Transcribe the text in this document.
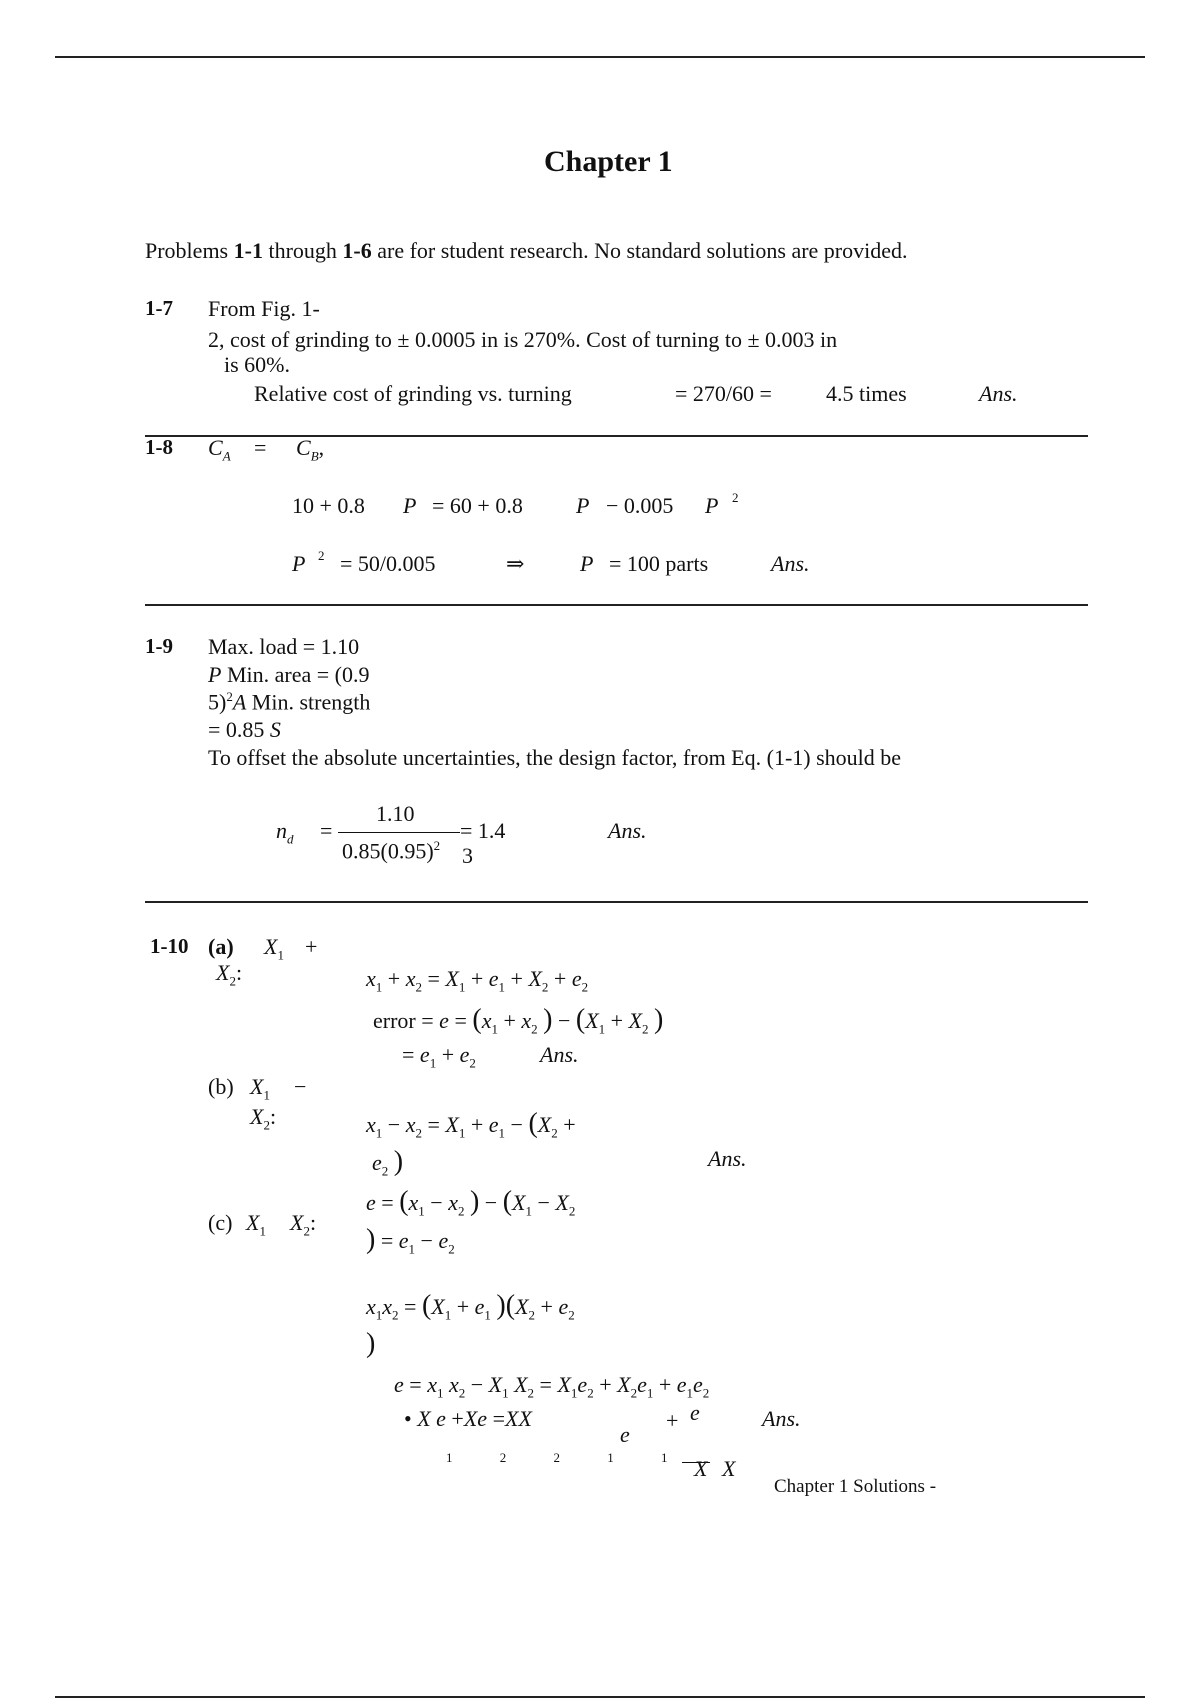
Chapter 1
Problems 1-1 through 1-6 are for student research. No standard solutions are provided.
1-7 From Fig. 1-
2, cost of grinding to ± 0.0005 in is 270%. Cost of turning to ± 0.003 in
is 60%.
Relative cost of grinding vs. turning	= 270/60 = 4.5 times	Ans.
1-8 $C_A = C_B$,
10 + 0.8 P = 60 + 0.8 P − 0.005 P 2
P 2 = 50/0.005	⇒	P = 100 parts	Ans.
1-9 Max. load = 1.10
P Min. area = (0.9
5)$^2$A Min. strength
= 0.85 S
To offset the absolute uncertainties, the design factor, from Eq. (1-1) should be
$n_d$ =
1.10
$0.85(0.95)^2$
= 1.4
3
Ans.
1-10 (a) $X_1$ +
$X_2$:	$x_1 + x_2 = X_1 + e_1 + X_2 + e_2$
error = $e = (x_1 + x_2$ ) − ($X_1 + X_2$ )
= $e_1 + e_2$	Ans.
(b) $X_1$ −
$X_2$:	$x_1 - x_2 = X_1 + e_1 - (X_2$ +
$e_2$ )	Ans.
$e = (x_1 - x_2$ ) − ($X_1 - X_2$
(c) $X_1$ $X_2$:
) = $e_1 - e_2$
$x_1x_2 = (X_1 + e_1$ )($X_2 + e_2$
)
$e = x_1$ $x_2 - X_1$ $X_2 = X_1e_2 + X_2e_1 + e_1e_2$
• X e +Xe =XX
1 2 2 1 1
e
+ e
X X
Ans.
Chapter 1 Solutions -
